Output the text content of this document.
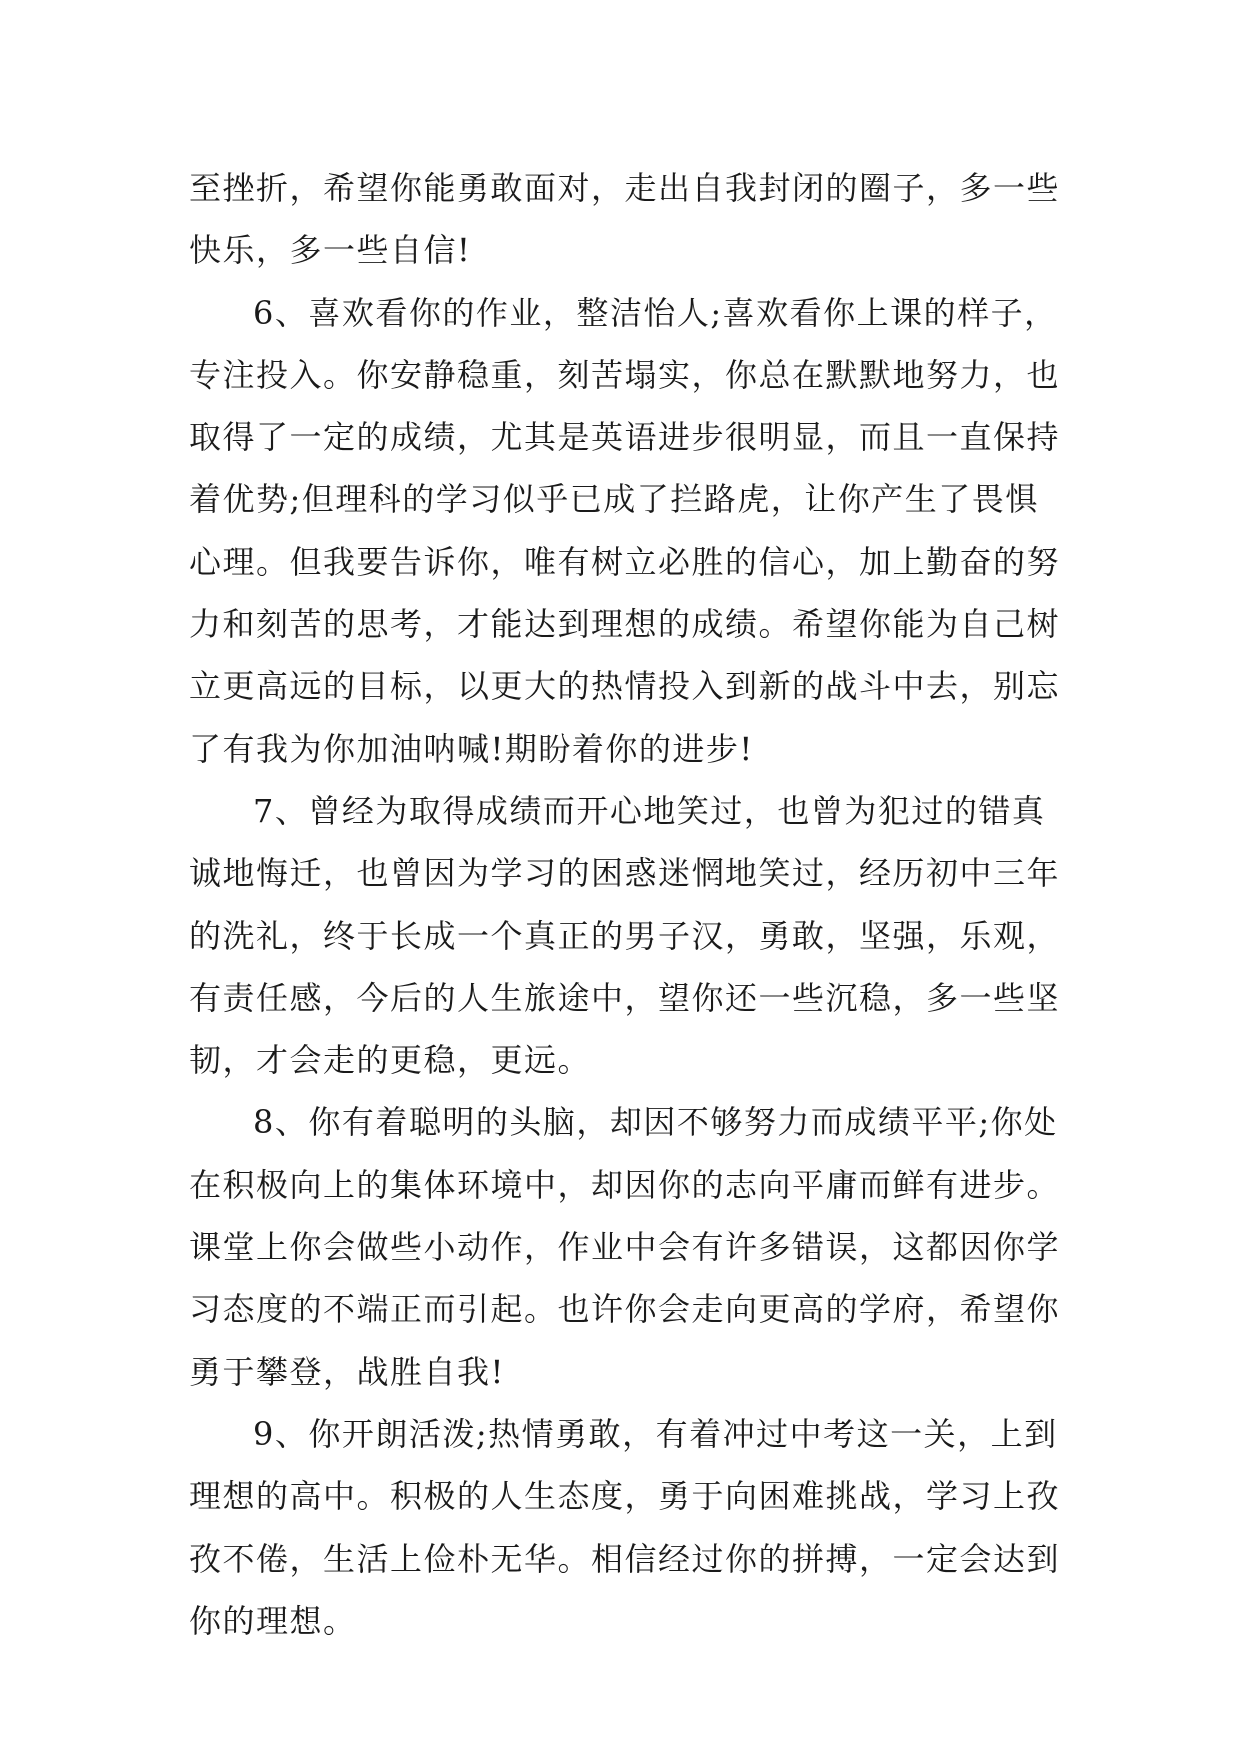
至挫折，希望你能勇敢面对，走出自我封闭的圈子，多一些
快乐，多一些自信!
6、喜欢看你的作业，整洁怡人;喜欢看你上课的样子，
专注投入。你安静稳重，刻苦塌实，你总在默默地努力，也
取得了一定的成绩，尤其是英语进步很明显，而且一直保持
着优势;但理科的学习似乎已成了拦路虎，让你产生了畏惧
心理。但我要告诉你，唯有树立必胜的信心，加上勤奋的努
力和刻苦的思考，才能达到理想的成绩。希望你能为自己树
立更高远的目标，以更大的热情投入到新的战斗中去，别忘
了有我为你加油呐喊!期盼着你的进步!
7、曾经为取得成绩而开心地笑过，也曾为犯过的错真
诚地悔迁，也曾因为学习的困惑迷惘地笑过，经历初中三年
的洗礼，终于长成一个真正的男子汉，勇敢，坚强，乐观，
有责任感，今后的人生旅途中，望你还一些沉稳，多一些坚
韧，才会走的更稳，更远。
8、你有着聪明的头脑，却因不够努力而成绩平平;你处
在积极向上的集体环境中，却因你的志向平庸而鲜有进步。
课堂上你会做些小动作，作业中会有许多错误，这都因你学
习态度的不端正而引起。也许你会走向更高的学府，希望你
勇于攀登，战胜自我!
9、你开朗活泼;热情勇敢，有着冲过中考这一关，上到
理想的高中。积极的人生态度，勇于向困难挑战，学习上孜
孜不倦，生活上俭朴无华。相信经过你的拼搏，一定会达到
你的理想。
